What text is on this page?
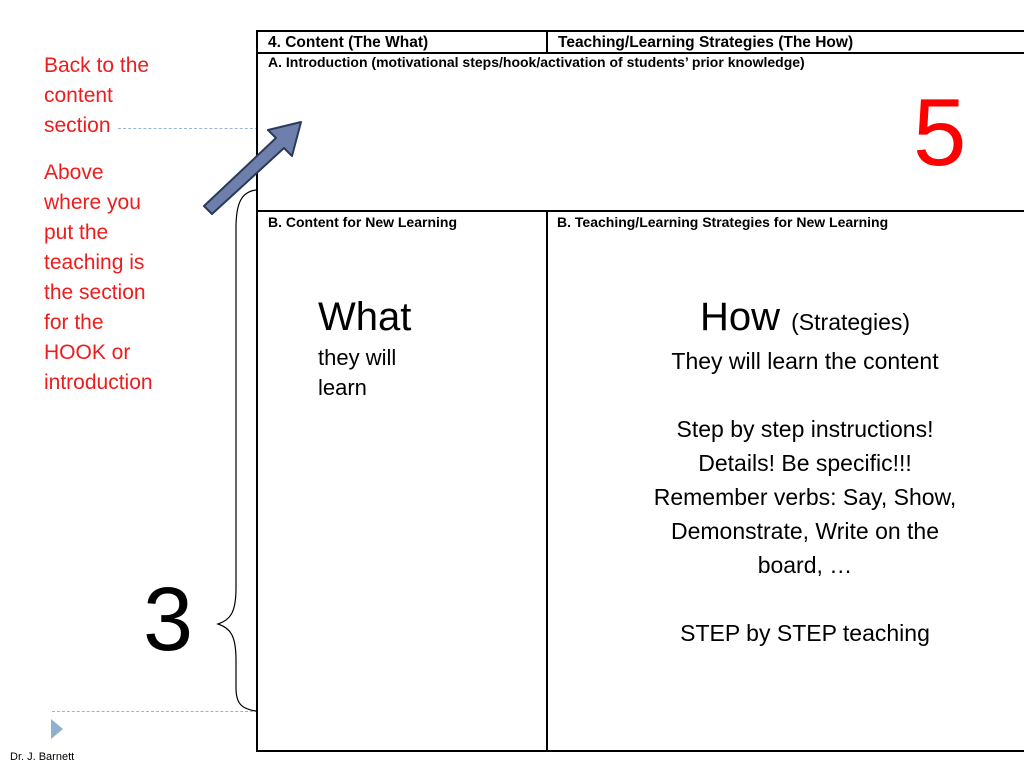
Back to the
content
section
Above
where you
put the
teaching is
the section
for the
HOOK or
introduction
4. Content (The What)	Teaching/Learning Strategies (The How)
A. Introduction (motivational steps/hook/activation of students’ prior knowledge)
B. Content for New Learning	B. Teaching/Learning Strategies for New Learning
5
3
What
they will
learn
How (Strategies)
They will learn the content
Step by step instructions!
Details! Be specific!!!
Remember verbs: Say, Show,
Demonstrate, Write on the
board, …
STEP by STEP teaching
Dr. J. Barnett
